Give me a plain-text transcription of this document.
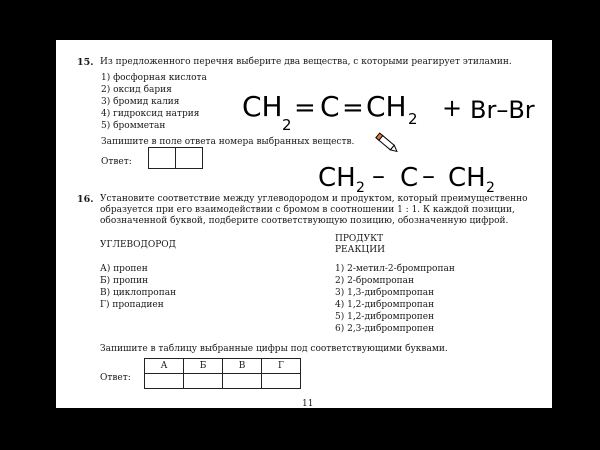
15. Из предложенного перечня выберите два вещества, с которыми реагирует этиламин.
1) фосфорная кислота
2) оксид бария
3) бромид калия
4) гидроксид натрия
5) бромметан
Запишите в поле ответа номера выбранных веществ.
Ответ:
16. Установите соответствие между углеводородом и продуктом, который преимущественно
образуется при его взаимодействии с бромом в соотношении 1 : 1. К каждой позиции,
обозначенной буквой, подберите соответствующую позицию, обозначенную цифрой.
УГЛЕВОДОРОД
ПРОДУКТ
РЕАКЦИИ
А) пропен
Б) пропин
В) циклопропан
Г) пропадиен
1) 2-метил-2-бромпропан
2) 2-бромпропан
3) 1,3-дибромпропан
4) 1,2-дибромпропан
5) 1,2-дибромпропен
6) 2,3-дибромпропен
Запишите в таблицу выбранные цифры под соответствующими буквами.
Ответ:
А	Б	В	Г

11
CH
2
= C = CH 2 + Br–Br
CH 2 – C – CH 2
